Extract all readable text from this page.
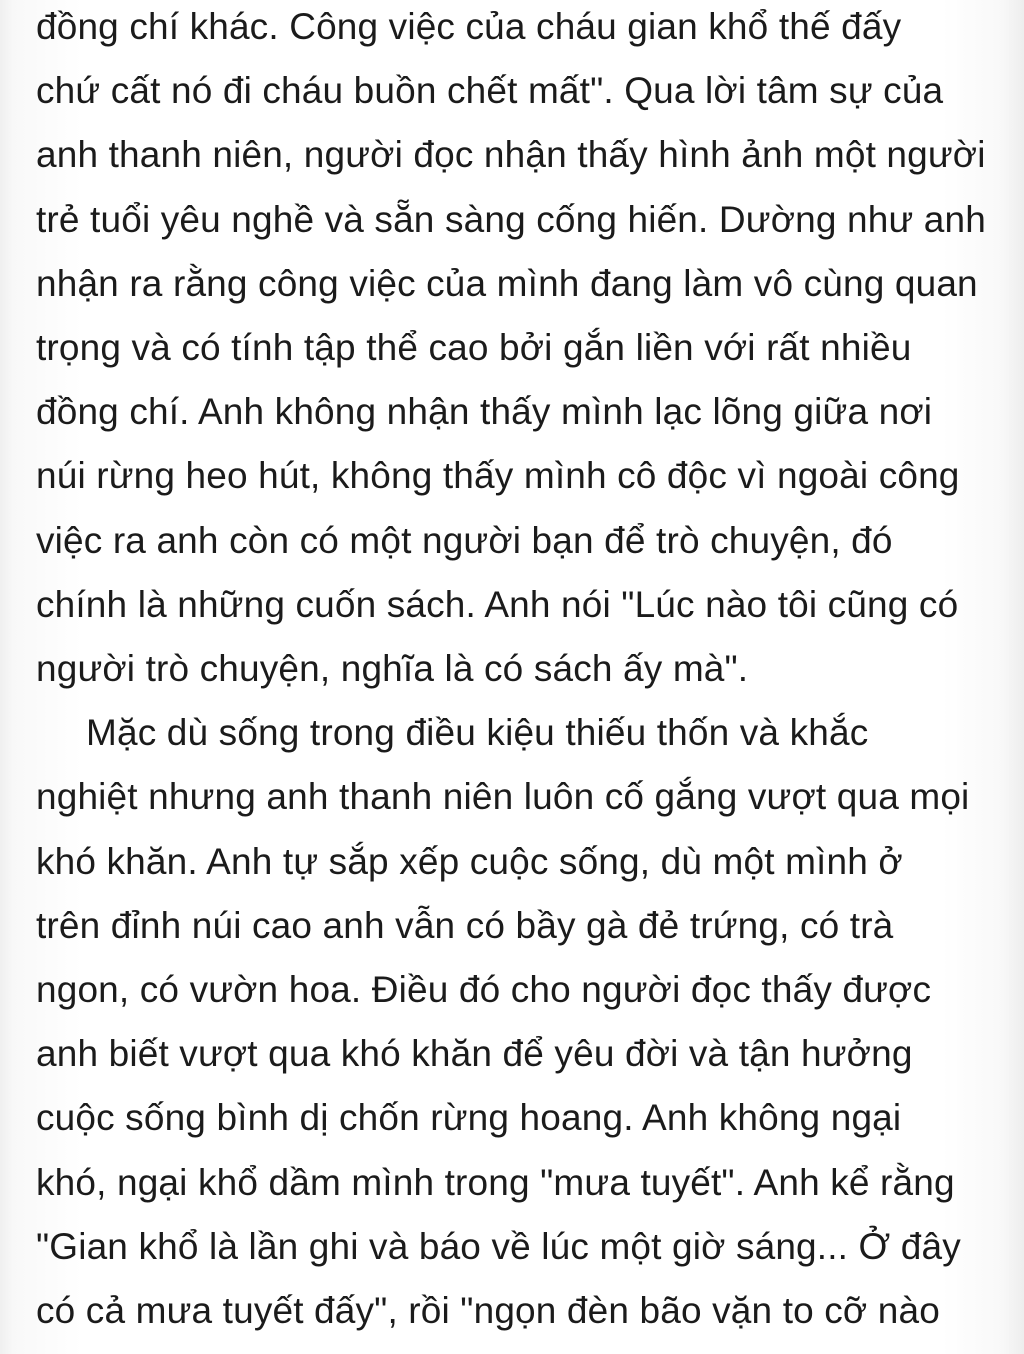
đồng chí khác. Công việc của cháu gian khổ thế đấy
chứ cất nó đi cháu buồn chết mất". Qua lời tâm sự của
anh thanh niên, người đọc nhận thấy hình ảnh một người
trẻ tuổi yêu nghề và sẵn sàng cống hiến. Dường như anh
nhận ra rằng công việc của mình đang làm vô cùng quan
trọng và có tính tập thể cao bởi gắn liền với rất nhiều
đồng chí. Anh không nhận thấy mình lạc lõng giữa nơi
núi rừng heo hút, không thấy mình cô độc vì ngoài công
việc ra anh còn có một người bạn để trò chuyện, đó
chính là những cuốn sách. Anh nói "Lúc nào tôi cũng có
người trò chuyện, nghĩa là có sách ấy mà".
Mặc dù sống trong điều kiệu thiếu thốn và khắc
nghiệt nhưng anh thanh niên luôn cố gắng vượt qua mọi
khó khăn. Anh tự sắp xếp cuộc sống, dù một mình ở
trên đỉnh núi cao anh vẫn có bầy gà đẻ trứng, có trà
ngon, có vườn hoa. Điều đó cho người đọc thấy được
anh biết vượt qua khó khăn để yêu đời và tận hưởng
cuộc sống bình dị chốn rừng hoang. Anh không ngại
khó, ngại khổ dầm mình trong "mưa tuyết". Anh kể rằng
"Gian khổ là lần ghi và báo về lúc một giờ sáng... Ở đây
có cả mưa tuyết đấy", rồi "ngọn đèn bão vặn to cỡ nào
